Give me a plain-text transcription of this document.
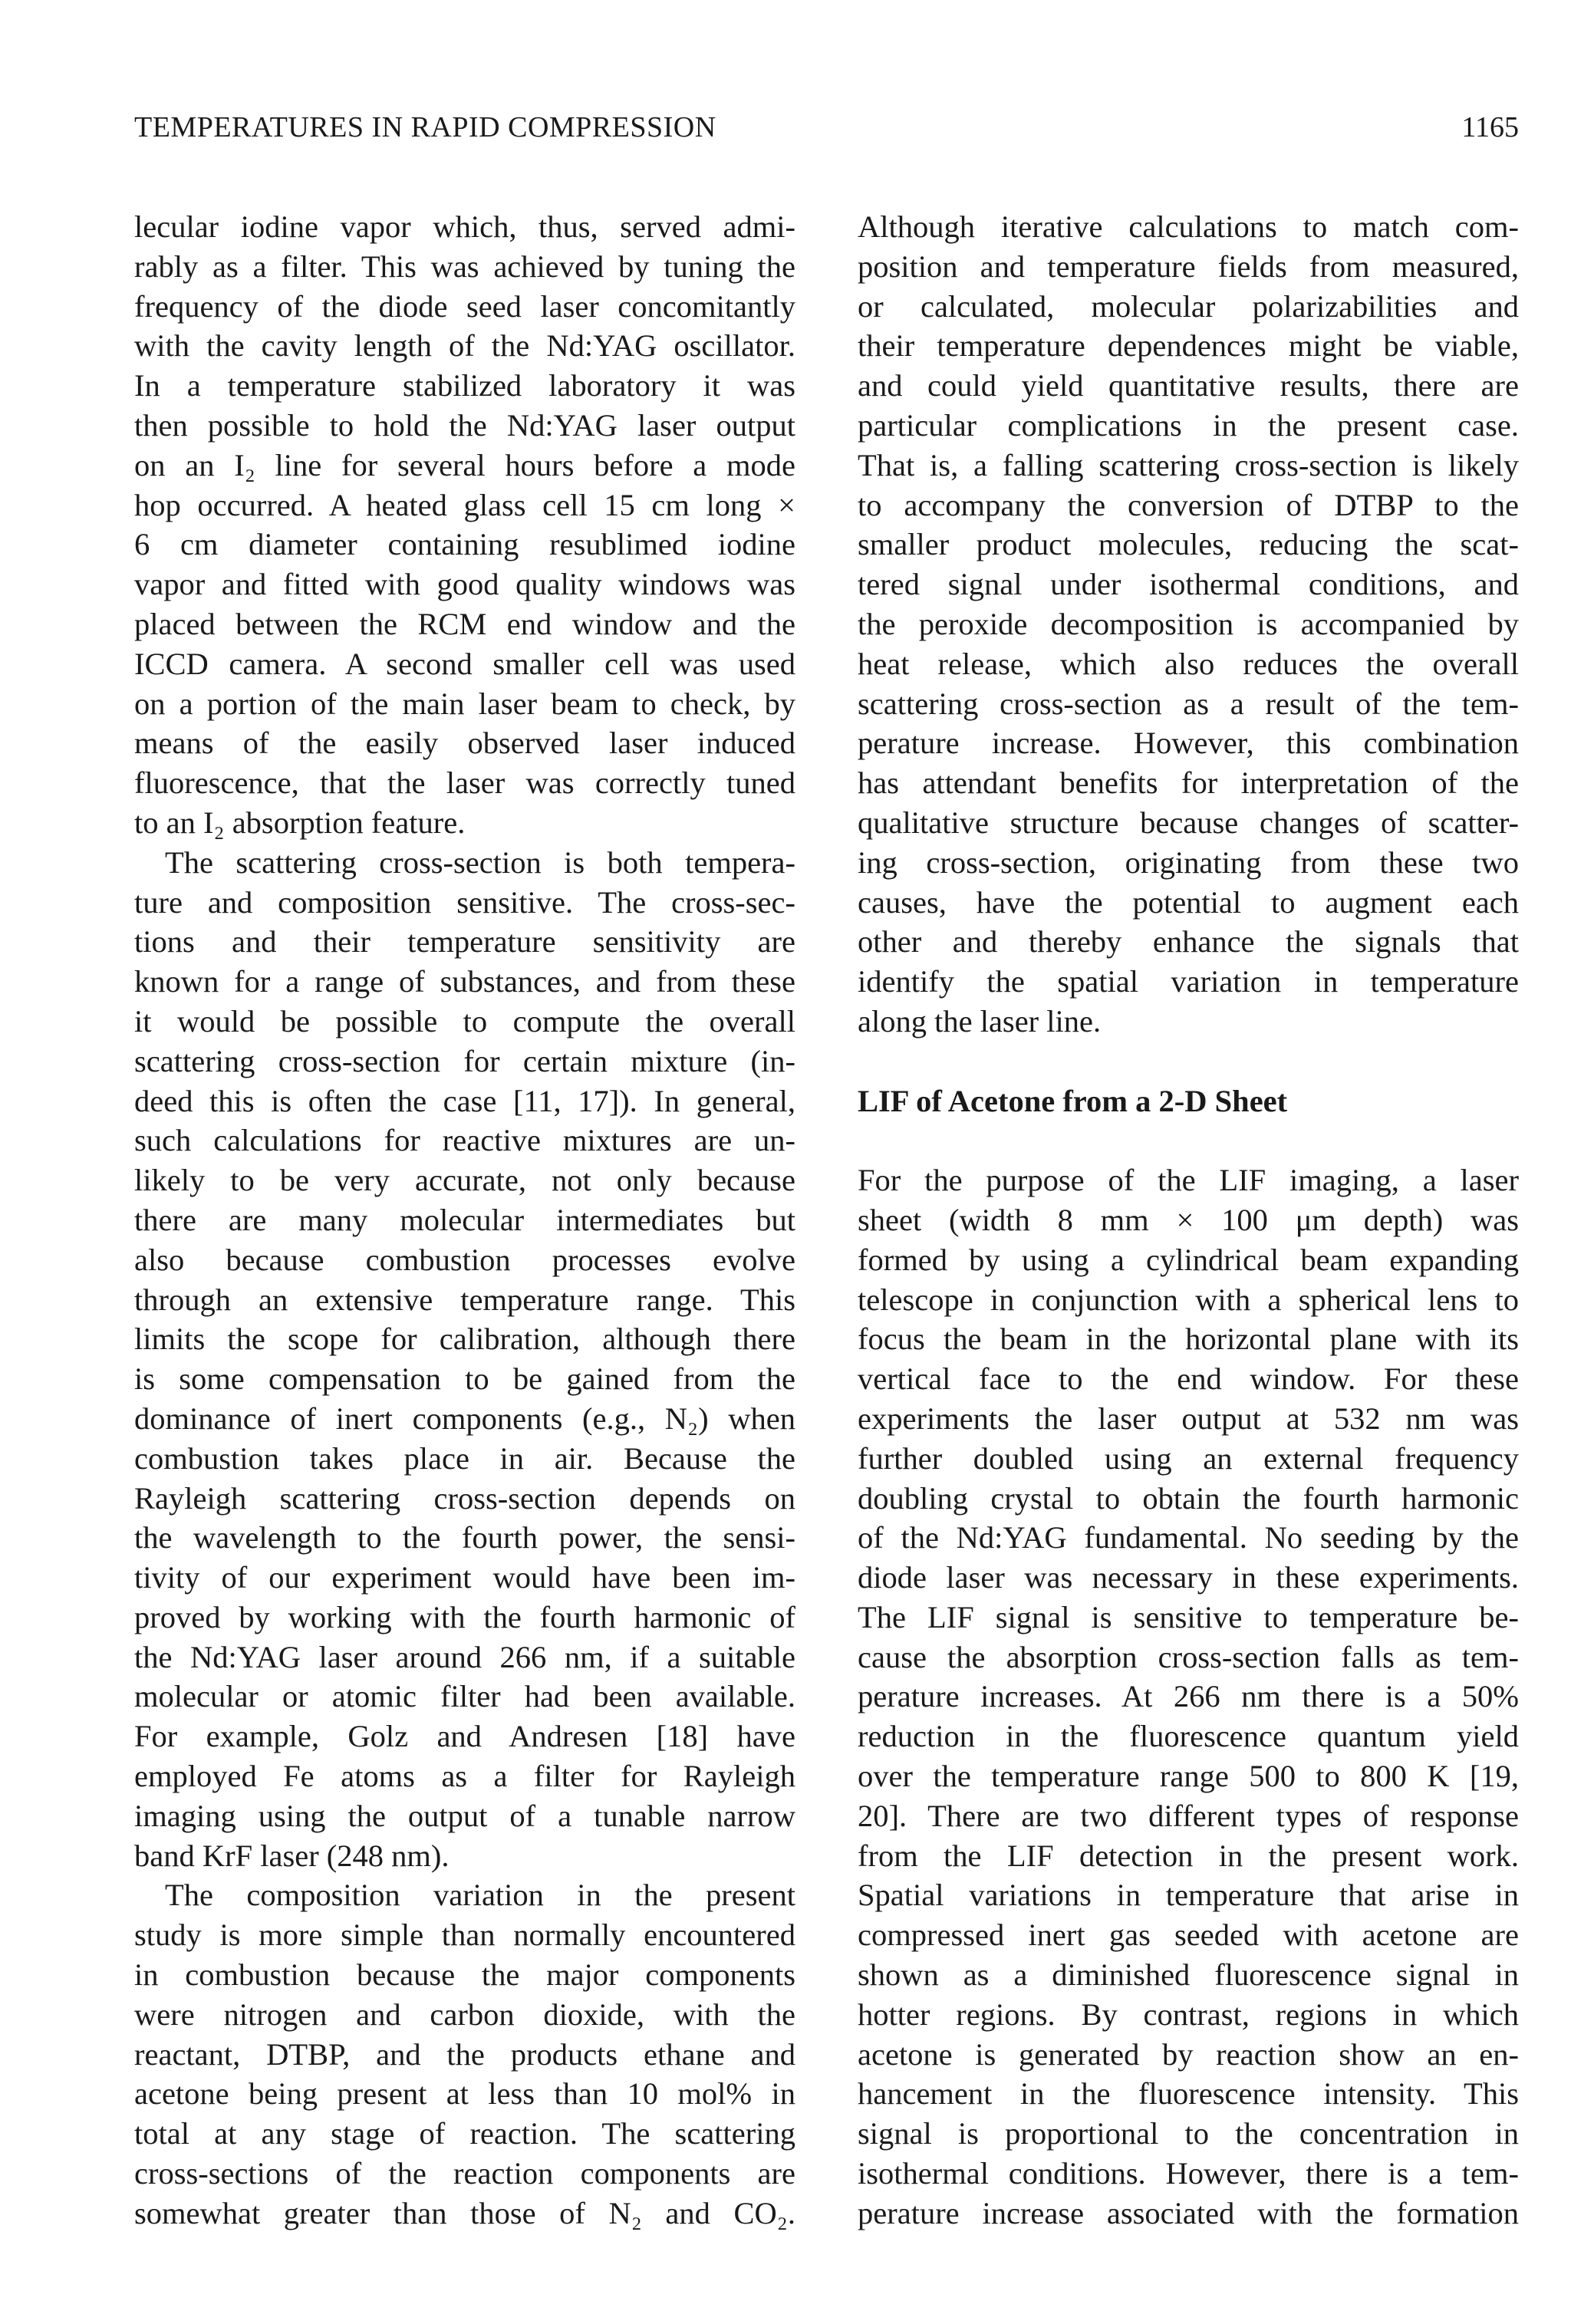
TEMPERATURES IN RAPID COMPRESSION	1165
lecular iodine vapor which, thus, served admi-
rably as a filter. This was achieved by tuning the
frequency of the diode seed laser concomitantly
with the cavity length of the Nd:YAG oscillator.
In a temperature stabilized laboratory it was
then possible to hold the Nd:YAG laser output
on an I₂ line for several hours before a mode
hop occurred. A heated glass cell 15 cm long ×
6 cm diameter containing resublimed iodine
vapor and fitted with good quality windows was
placed between the RCM end window and the
ICCD camera. A second smaller cell was used
on a portion of the main laser beam to check, by
means of the easily observed laser induced
fluorescence, that the laser was correctly tuned
to an I₂ absorption feature.
The scattering cross-section is both tempera-
ture and composition sensitive. The cross-sec-
tions and their temperature sensitivity are
known for a range of substances, and from these
it would be possible to compute the overall
scattering cross-section for certain mixture (in-
deed this is often the case [11, 17]). In general,
such calculations for reactive mixtures are un-
likely to be very accurate, not only because
there are many molecular intermediates but
also because combustion processes evolve
through an extensive temperature range. This
limits the scope for calibration, although there
is some compensation to be gained from the
dominance of inert components (e.g., N₂) when
combustion takes place in air. Because the
Rayleigh scattering cross-section depends on
the wavelength to the fourth power, the sensi-
tivity of our experiment would have been im-
proved by working with the fourth harmonic of
the Nd:YAG laser around 266 nm, if a suitable
molecular or atomic filter had been available.
For example, Golz and Andresen [18] have
employed Fe atoms as a filter for Rayleigh
imaging using the output of a tunable narrow
band KrF laser (248 nm).
The composition variation in the present
study is more simple than normally encountered
in combustion because the major components
were nitrogen and carbon dioxide, with the
reactant, DTBP, and the products ethane and
acetone being present at less than 10 mol% in
total at any stage of reaction. The scattering
cross-sections of the reaction components are
somewhat greater than those of N₂ and CO₂.
Although iterative calculations to match com-
position and temperature fields from measured,
or calculated, molecular polarizabilities and
their temperature dependences might be viable,
and could yield quantitative results, there are
particular complications in the present case.
That is, a falling scattering cross-section is likely
to accompany the conversion of DTBP to the
smaller product molecules, reducing the scat-
tered signal under isothermal conditions, and
the peroxide decomposition is accompanied by
heat release, which also reduces the overall
scattering cross-section as a result of the tem-
perature increase. However, this combination
has attendant benefits for interpretation of the
qualitative structure because changes of scatter-
ing cross-section, originating from these two
causes, have the potential to augment each
other and thereby enhance the signals that
identify the spatial variation in temperature
along the laser line.
LIF of Acetone from a 2-D Sheet
For the purpose of the LIF imaging, a laser
sheet (width 8 mm × 100 μm depth) was
formed by using a cylindrical beam expanding
telescope in conjunction with a spherical lens to
focus the beam in the horizontal plane with its
vertical face to the end window. For these
experiments the laser output at 532 nm was
further doubled using an external frequency
doubling crystal to obtain the fourth harmonic
of the Nd:YAG fundamental. No seeding by the
diode laser was necessary in these experiments.
The LIF signal is sensitive to temperature be-
cause the absorption cross-section falls as tem-
perature increases. At 266 nm there is a 50%
reduction in the fluorescence quantum yield
over the temperature range 500 to 800 K [19,
20]. There are two different types of response
from the LIF detection in the present work.
Spatial variations in temperature that arise in
compressed inert gas seeded with acetone are
shown as a diminished fluorescence signal in
hotter regions. By contrast, regions in which
acetone is generated by reaction show an en-
hancement in the fluorescence intensity. This
signal is proportional to the concentration in
isothermal conditions. However, there is a tem-
perature increase associated with the formation
